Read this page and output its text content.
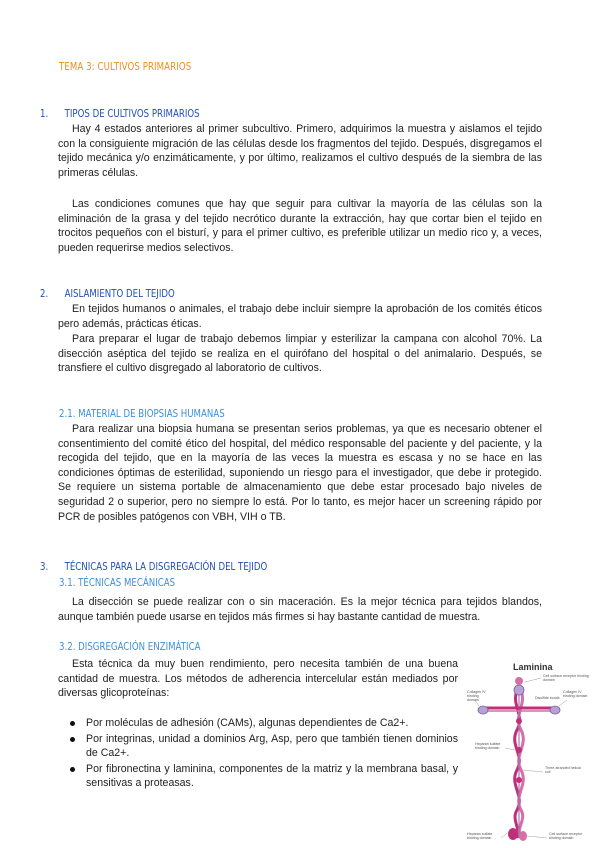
TEMA 3: CULTIVOS PRIMARIOS
1. TIPOS DE CULTIVOS PRIMARIOS
Hay 4 estados anteriores al primer subcultivo. Primero, adquirimos la muestra y aislamos el tejido con la consiguiente migración de las células desde los fragmentos del tejido. Después, disgregamos el tejido mecánica y/o enzimáticamente, y por último, realizamos el cultivo después de la siembra de las primeras células.
Las condiciones comunes que hay que seguir para cultivar la mayoría de las células son la eliminación de la grasa y del tejido necrótico durante la extracción, hay que cortar bien el tejido en trocitos pequeños con el bisturí, y para el primer cultivo, es preferible utilizar un medio rico y, a veces, pueden requerirse medios selectivos.
2. AISLAMIENTO DEL TEJIDO
En tejidos humanos o animales, el trabajo debe incluir siempre la aprobación de los comités éticos pero además, prácticas éticas.
Para preparar el lugar de trabajo debemos limpiar y esterilizar la campana con alcohol 70%. La disección aséptica del tejido se realiza en el quirófano del hospital o del animalario. Después, se transfiere el cultivo disgregado al laboratorio de cultivos.
2.1. MATERIAL DE BIOPSIAS HUMANAS
Para realizar una biopsia humana se presentan serios problemas, ya que es necesario obtener el consentimiento del comité ético del hospital, del médico responsable del paciente y del paciente, y la recogida del tejido, que en la mayoría de las veces la muestra es escasa y no se hace en las condiciones óptimas de esterilidad, suponiendo un riesgo para el investigador, que debe ir protegido. Se requiere un sistema portable de almacenamiento que debe estar procesado bajo niveles de seguridad 2 o superior, pero no siempre lo está. Por lo tanto, es mejor hacer un screening rápido por PCR de posibles patógenos con VBH, VIH o TB.
3. TÉCNICAS PARA LA DISGREGACIÓN DEL TEJIDO
3.1. TÉCNICAS MECÁNICAS
La disección se puede realizar con o sin maceración. Es la mejor técnica para tejidos blandos, aunque también puede usarse en tejidos más firmes si hay bastante cantidad de muestra.
3.2. DISGREGACIÓN ENZIMÁTICA
Esta técnica da muy buen rendimiento, pero necesita también de una buena cantidad de muestra. Los métodos de adherencia intercelular están mediados por diversas glicoproteínas:
Por moléculas de adhesión (CAMs), algunas dependientes de Ca2+.
Por integrinas, unidad a dominios Arg, Asp, pero que también tienen dominios de Ca2+.
Por fibronectina y laminina, componentes de la matriz y la membrana basal, y sensitivas a proteasas.
Laminina
Cell surface receptor binding domain
Collagen IV binding domain
Collagen IV binding domain
Disulfide bonds
Heparan sulfate binding domain
Three-stranded helical coil
Heparan sulfate binding domain
Cell surface receptor binding domain
